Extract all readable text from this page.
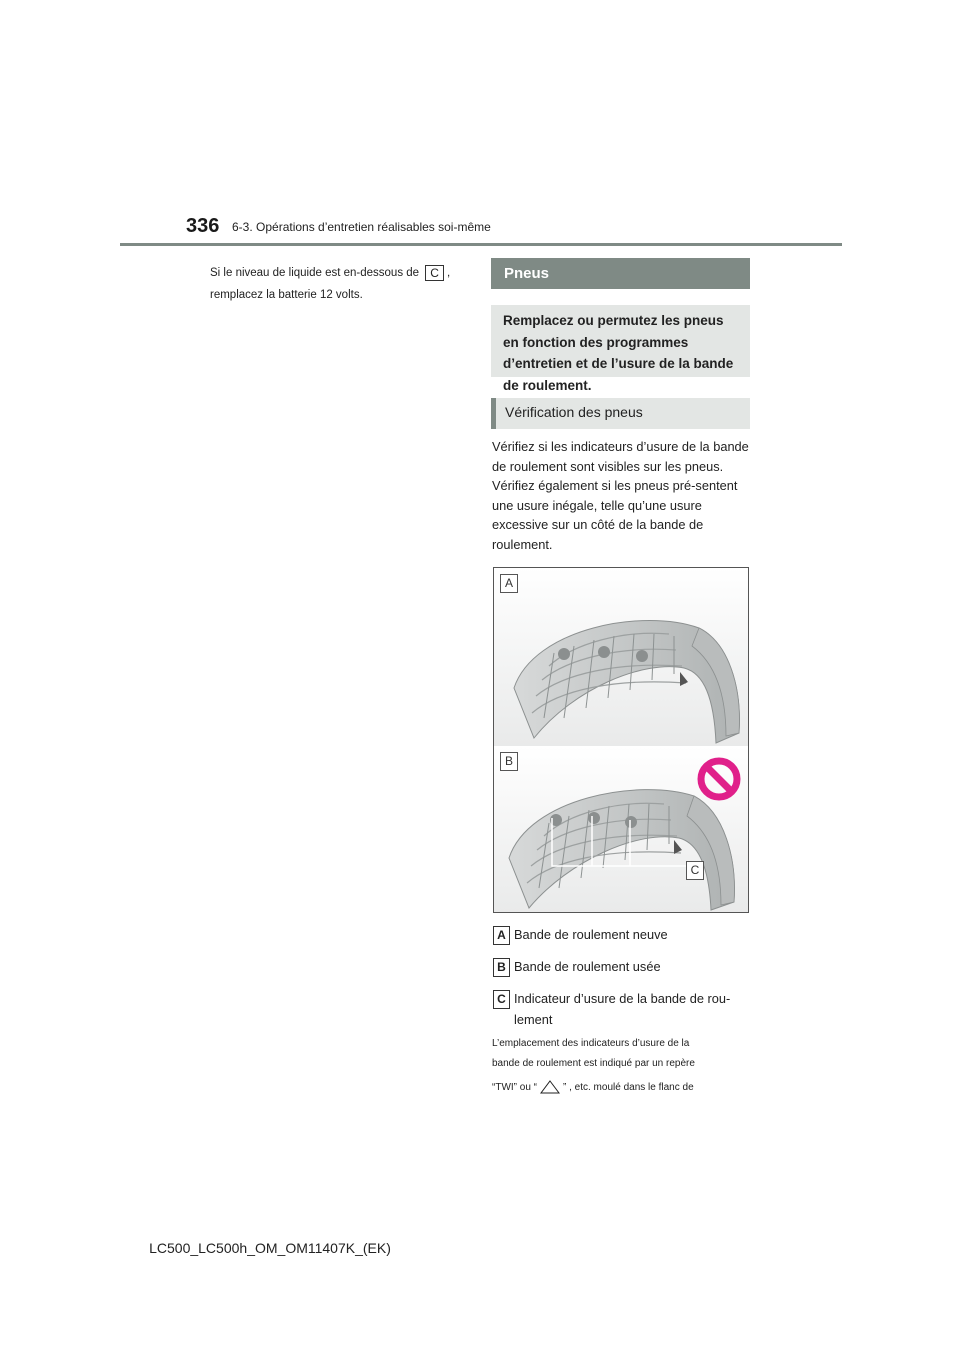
336 6-3. Opérations d’entretien réalisables soi-même
Si le niveau de liquide est en-dessous de C ,
remplacez la batterie 12 volts.
Pneus
Remplacez ou permutez les pneus en fonction des programmes d’entretien et de l’usure de la bande de roulement.
Vérification des pneus
Vérifiez si les indicateurs d’usure de la bande de roulement sont visibles sur les pneus. Vérifiez également si les pneus pré-sentent une usure inégale, telle qu’une usure excessive sur un côté de la bande de roulement.
A
B
C
A Bande de roulement neuve
B Bande de roulement usée
C Indicateur d’usure de la bande de rou-lement
L’emplacement des indicateurs d’usure de la
bande de roulement est indiqué par un repère
“TWI” ou “	” , etc. moulé dans le flanc de
LC500_LC500h_OM_OM11407K_(EK)
